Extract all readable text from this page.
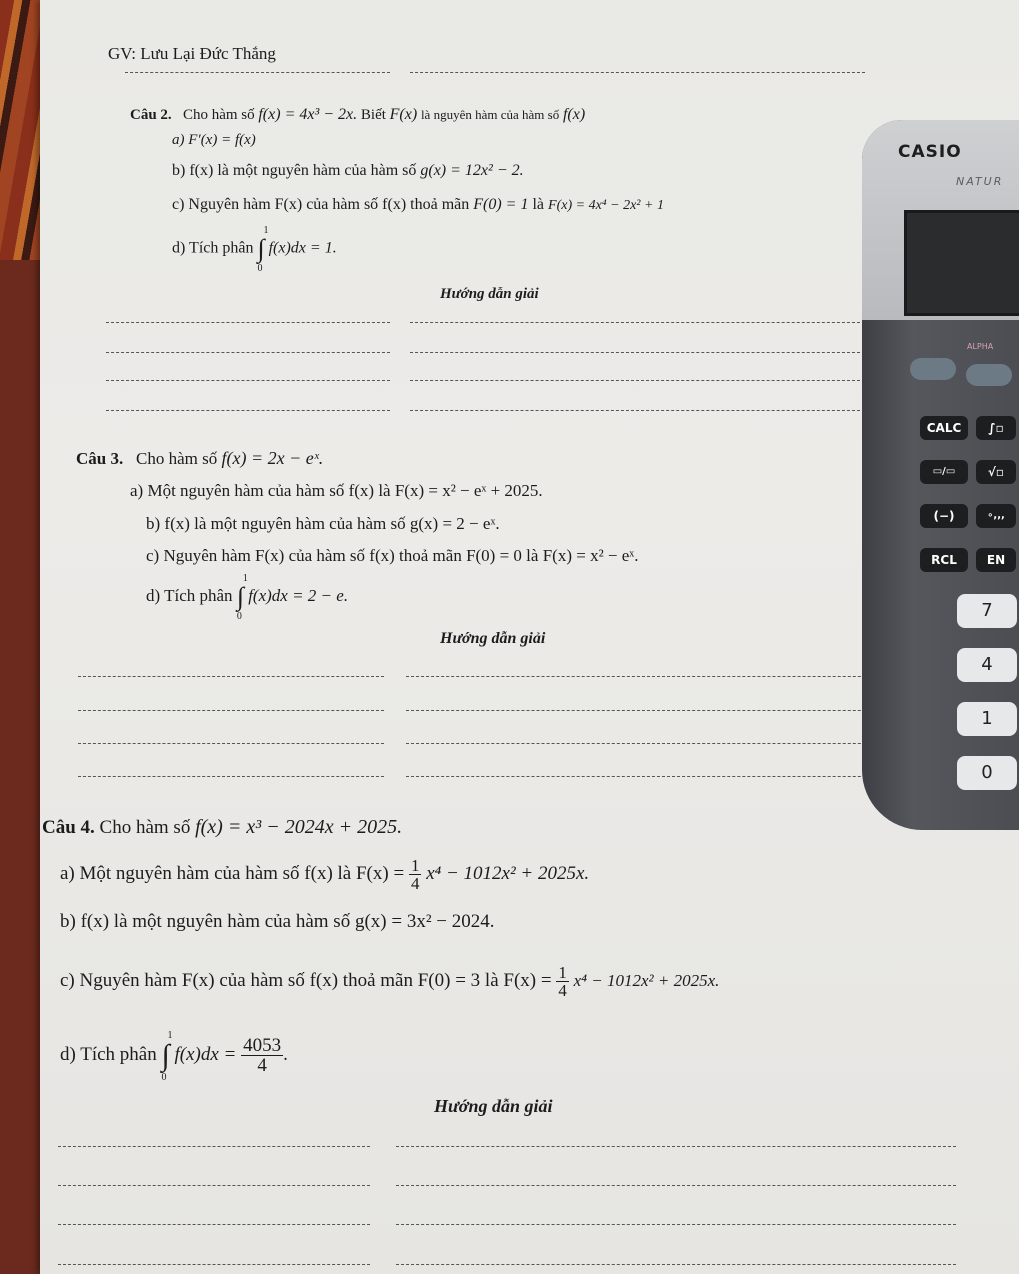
GV: Lưu Lại Đức Thắng
Câu 2. Cho hàm số f(x) = 4x³ − 2x. Biết F(x) là nguyên hàm của hàm số f(x)
a) F′(x) = f(x)
b) f(x) là một nguyên hàm của hàm số g(x) = 12x² − 2.
c) Nguyên hàm F(x) của hàm số f(x) thoả mãn F(0) = 1 là F(x) = 4x⁴ − 2x² + 1
d) Tích phân ∫
1
0
f(x)dx = 1.
Hướng dẫn giải
Câu 3. Cho hàm số f(x) = 2x − eˣ.
a) Một nguyên hàm của hàm số f(x) là F(x) = x² − eˣ + 2025.
b) f(x) là một nguyên hàm của hàm số g(x) = 2 − eˣ.
c) Nguyên hàm F(x) của hàm số f(x) thoả mãn F(0) = 0 là F(x) = x² − eˣ.
d) Tích phân ∫
1
0
f(x)dx = 2 − e.
Hướng dẫn giải
Câu 4. Cho hàm số f(x) = x³ − 2024x + 2025.
a) Một nguyên hàm của hàm số f(x) là $F(x) = \frac{1}{4} x^4 - 1012x^2 + 2025x$.
b) f(x) là một nguyên hàm của hàm số g(x) = 3x² − 2024.
c) Nguyên hàm F(x) của hàm số f(x) thoả mãn F(0) = 3 là $F(x) = \frac{1}{4} x^4 - 1012x^2 + 2025x$.
d) Tích phân ∫
1
0
$f(x)dx = \frac{4053}{4}$ .
Hướng dẫn giải
CASIO
NATUR
ALPHA
CALC	∫▫
▭/▭	√▫
(−)	∘,,,
RCL	EN
7
4
1
0
